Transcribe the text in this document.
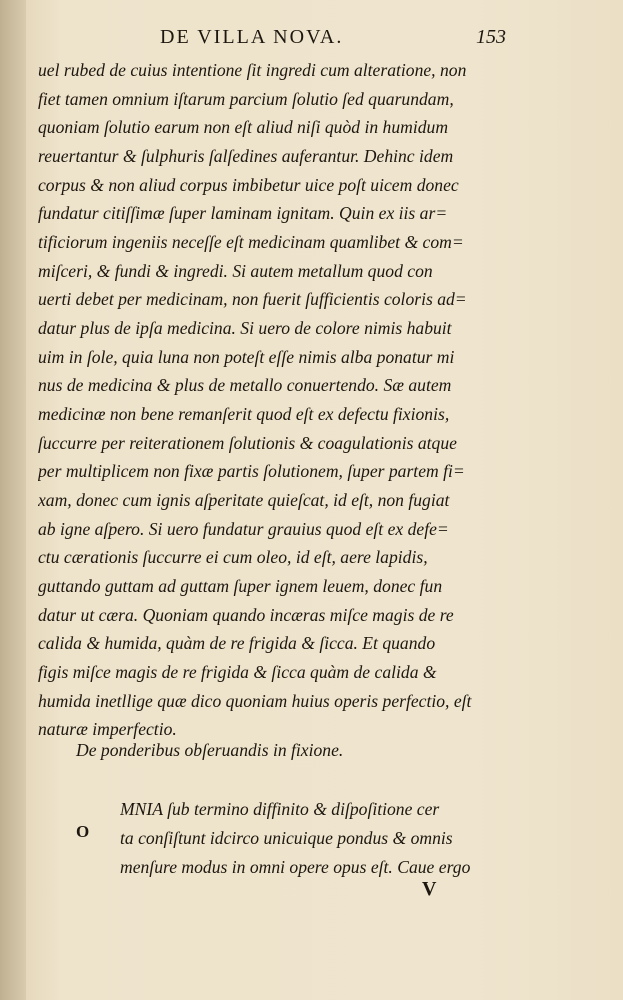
DE VILLA NOVA.	153
uel rubed de cuius intentione ſit ingredi cum alteratione, non
fiet tamen omnium iſtarum parcium ſolutio ſed quarundam,
quoniam ſolutio earum non eſt aliud niſi quòd in humidum
reuertantur & ſulphuris ſalſedines auferantur. Dehinc idem
corpus & non aliud corpus imbibetur uice poſt uicem donec
fundatur citiſſimæ ſuper laminam ignitam. Quin ex iis ar=
tificiorum ingeniis neceſſe eſt medicinam quamlibet & com=
miſceri, & fundi & ingredi. Si autem metallum quod con
uerti debet per medicinam, non fuerit ſufficientis coloris ad=
datur plus de ipſa medicina. Si uero de colore nimis habuit
uim in ſole, quia luna non poteſt eſſe nimis alba ponatur mi
nus de medicina & plus de metallo conuertendo. Sæ autem
medicinæ non bene remanſerit quod eſt ex defectu fixionis,
ſuccurre per reiterationem ſolutionis & coagulationis atque
per multiplicem non fixæ partis ſolutionem, ſuper partem fi=
xam, donec cum ignis aſperitate quieſcat, id eſt, non fugiat
ab igne aſpero. Si uero fundatur grauius quod eſt ex defe=
ctu cærationis ſuccurre ei cum oleo, id eſt, aere lapidis,
guttando guttam ad guttam ſuper ignem leuem, donec fun
datur ut cæra. Quoniam quando incæras miſce magis de re
calida & humida, quàm de re frigida & ſicca. Et quando
figis miſce magis de re frigida & ſicca quàm de calida &
humida inetllige quæ dico quoniam huius operis perfectio, eſt
naturæ imperfectio.
De ponderibus obſeruandis in fixione.
O
MNIA ſub termino diffinito & diſpoſitione cer
ta conſiſtunt idcirco unicuique pondus & omnis
menſure modus in omni opere opus eſt. Caue ergo
V
